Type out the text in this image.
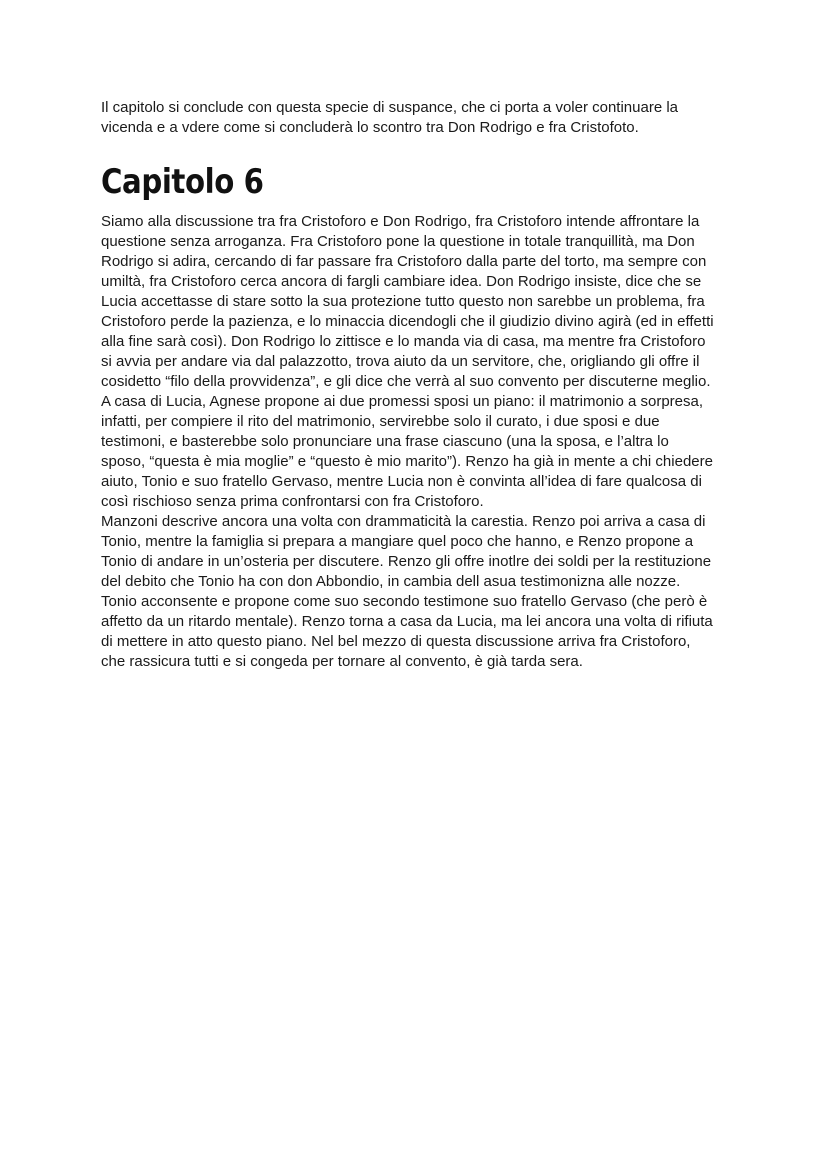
Il capitolo si conclude con questa specie di suspance, che ci porta a voler continuare la
vicenda e a vdere come si concluderà lo scontro tra Don Rodrigo e fra Cristofoto.

Capitolo 6

Siamo alla discussione tra fra Cristoforo e Don Rodrigo, fra Cristoforo intende affrontare la
questione senza arroganza. Fra Cristoforo pone la questione in totale tranquillità, ma Don
Rodrigo si adira, cercando di far passare fra Cristoforo dalla parte del torto, ma sempre con
umiltà, fra Cristoforo cerca ancora di fargli cambiare idea. Don Rodrigo insiste, dice che se
Lucia accettasse di stare sotto la sua protezione tutto questo non sarebbe un problema, fra
Cristoforo perde la pazienza, e lo minaccia dicendogli che il giudizio divino agirà (ed in effetti
alla fine sarà così). Don Rodrigo lo zittisce e lo manda via di casa, ma mentre fra Cristoforo
si avvia per andare via dal palazzotto, trova aiuto da un servitore, che, origliando gli offre il
cosidetto “filo della provvidenza”, e gli dice che verrà al suo convento per discuterne meglio.
A casa di Lucia, Agnese propone ai due promessi sposi un piano: il matrimonio a sorpresa,
infatti, per compiere il rito del matrimonio, servirebbe solo il curato, i due sposi e due
testimoni, e basterebbe solo pronunciare una frase ciascuno (una la sposa, e l’altra lo
sposo, “questa è mia moglie” e “questo è mio marito”). Renzo ha già in mente a chi chiedere
aiuto, Tonio e suo fratello Gervaso, mentre Lucia non è convinta all’idea di fare qualcosa di
così rischioso senza prima confrontarsi con fra Cristoforo.

Manzoni descrive ancora una volta con drammaticità la carestia. Renzo poi arriva a casa di
Tonio, mentre la famiglia si prepara a mangiare quel poco che hanno, e Renzo propone a
Tonio di andare in un’osteria per discutere. Renzo gli offre inotlre dei soldi per la restituzione
del debito che Tonio ha con don Abbondio, in cambia dell asua testimonizna alle nozze.
Tonio acconsente e propone come suo secondo testimone suo fratello Gervaso (che però è
affetto da un ritardo mentale). Renzo torna a casa da Lucia, ma lei ancora una volta di rifiuta
di mettere in atto questo piano. Nel bel mezzo di questa discussione arriva fra Cristoforo,
che rassicura tutti e si congeda per tornare al convento, è già tarda sera.
